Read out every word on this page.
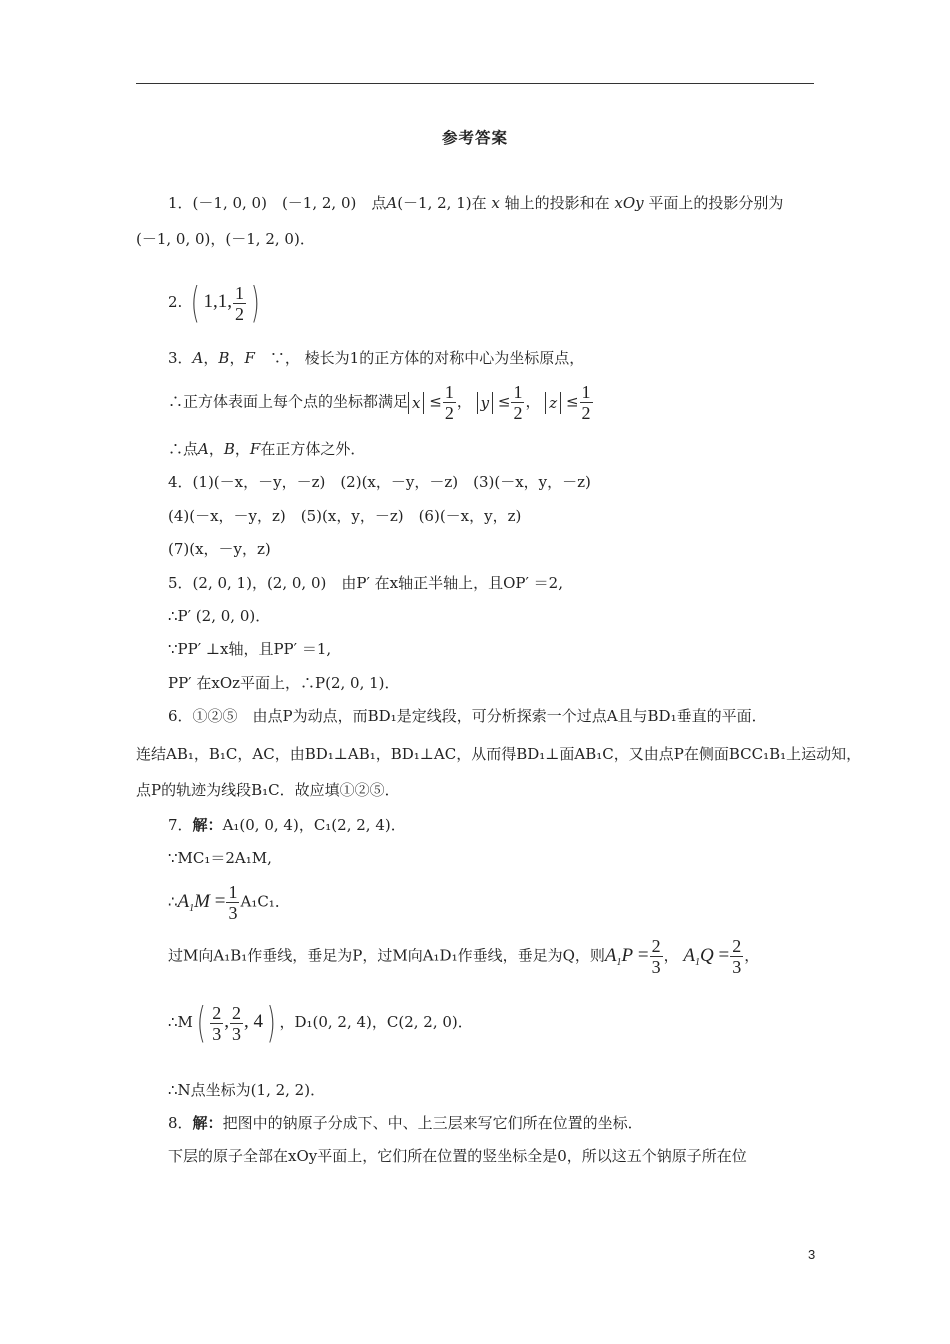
参考答案
1．(－1, 0, 0)　(－1, 2, 0)　点A(－1, 2, 1)在 x 轴上的投影和在 xOy 平面上的投影分别为
(－1, 0, 0)，(－1, 2, 0)．
2. ( 1,1, $\frac{1}{2}$ )
3．A，B，F　∵， 棱长为1的正方体的对称中心为坐标原点，
∴正方体表面上每个点的坐标都满足 $x \le \frac{1}{2}$ ， $y \le \frac{1}{2}$ ， $z \le \frac{1}{2}$
∴点A，B，F在正方体之外．
4．(1)(－x，－y，－z)　(2)(x，－y，－z)　(3)(－x，y，－z)
(4)(－x，－y，z)　(5)(x，y，－z)　(6)(－x，y，z)
(7)(x，－y，z)
5．(2, 0, 1)，(2, 0, 0)　由P′ 在x轴正半轴上，且OP′ ＝2,
∴P′ (2, 0, 0)．
∵PP′ ⊥x轴，且PP′ ＝1,
PP′ 在xOz平面上，∴P(2, 0, 1)．
6．①②⑤　由点P为动点，而BD₁是定线段，可分析探索一个过点A且与BD₁垂直的平面．
连结AB₁，B₁C，AC，由BD₁⊥AB₁，BD₁⊥AC，从而得BD₁⊥面AB₁C，又由点P在侧面BCC₁B₁上运动知，
点P的轨迹为线段B₁C．故应填①②⑤．
7．解：A₁(0, 0, 4)，C₁(2, 2, 4)．
∵MC₁＝2A₁M,
$\therefore A_1M = \frac{1}{3} A_1C_1$．
过M向A₁B₁作垂线，垂足为P，过M向A₁D₁作垂线，垂足为Q，则$A_1P = \frac{2}{3}$ ， $A_1Q = \frac{2}{3}$ ，
∴M( $\frac{2}{3}$ , $\frac{2}{3}$ , 4) ，D₁(0, 2, 4)，C(2, 2, 0)．
∴N点坐标为(1, 2, 2)．
8．解：把图中的钠原子分成下、中、上三层来写它们所在位置的坐标．
下层的原子全部在xOy平面上，它们所在位置的竖坐标全是0，所以这五个钠原子所在位
3
